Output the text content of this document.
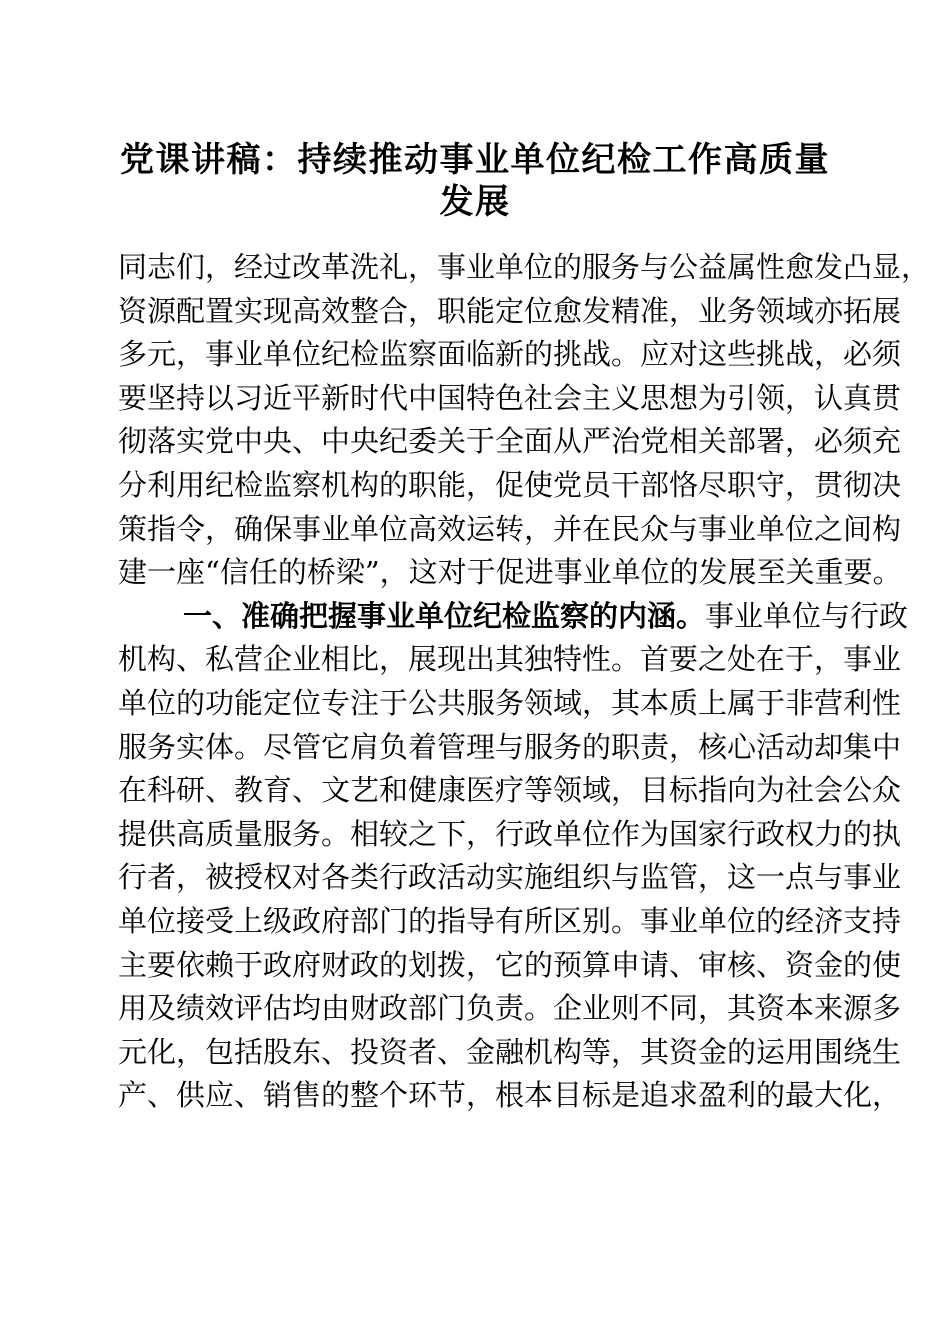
党课讲稿：持续推动事业单位纪检工作高质量
发展
同志们，经过改革洗礼，事业单位的服务与公益属性愈发凸显，
资源配置实现高效整合，职能定位愈发精准，业务领域亦拓展
多元，事业单位纪检监察面临新的挑战。应对这些挑战，必须
要坚持以习近平新时代中国特色社会主义思想为引领，认真贯
彻落实党中央、中央纪委关于全面从严治党相关部署，必须充
分利用纪检监察机构的职能，促使党员干部恪尽职守，贯彻决
策指令，确保事业单位高效运转，并在民众与事业单位之间构
建一座“信任的桥梁”，这对于促进事业单位的发展至关重要。
一、准确把握事业单位纪检监察的内涵。事业单位与行政
机构、私营企业相比，展现出其独特性。首要之处在于，事业
单位的功能定位专注于公共服务领域，其本质上属于非营利性
服务实体。尽管它肩负着管理与服务的职责，核心活动却集中
在科研、教育、文艺和健康医疗等领域，目标指向为社会公众
提供高质量服务。相较之下，行政单位作为国家行政权力的执
行者，被授权对各类行政活动实施组织与监管，这一点与事业
单位接受上级政府部门的指导有所区别。事业单位的经济支持
主要依赖于政府财政的划拨，它的预算申请、审核、资金的使
用及绩效评估均由财政部门负责。企业则不同，其资本来源多
元化，包括股东、投资者、金融机构等，其资金的运用围绕生
产、供应、销售的整个环节，根本目标是追求盈利的最大化，
